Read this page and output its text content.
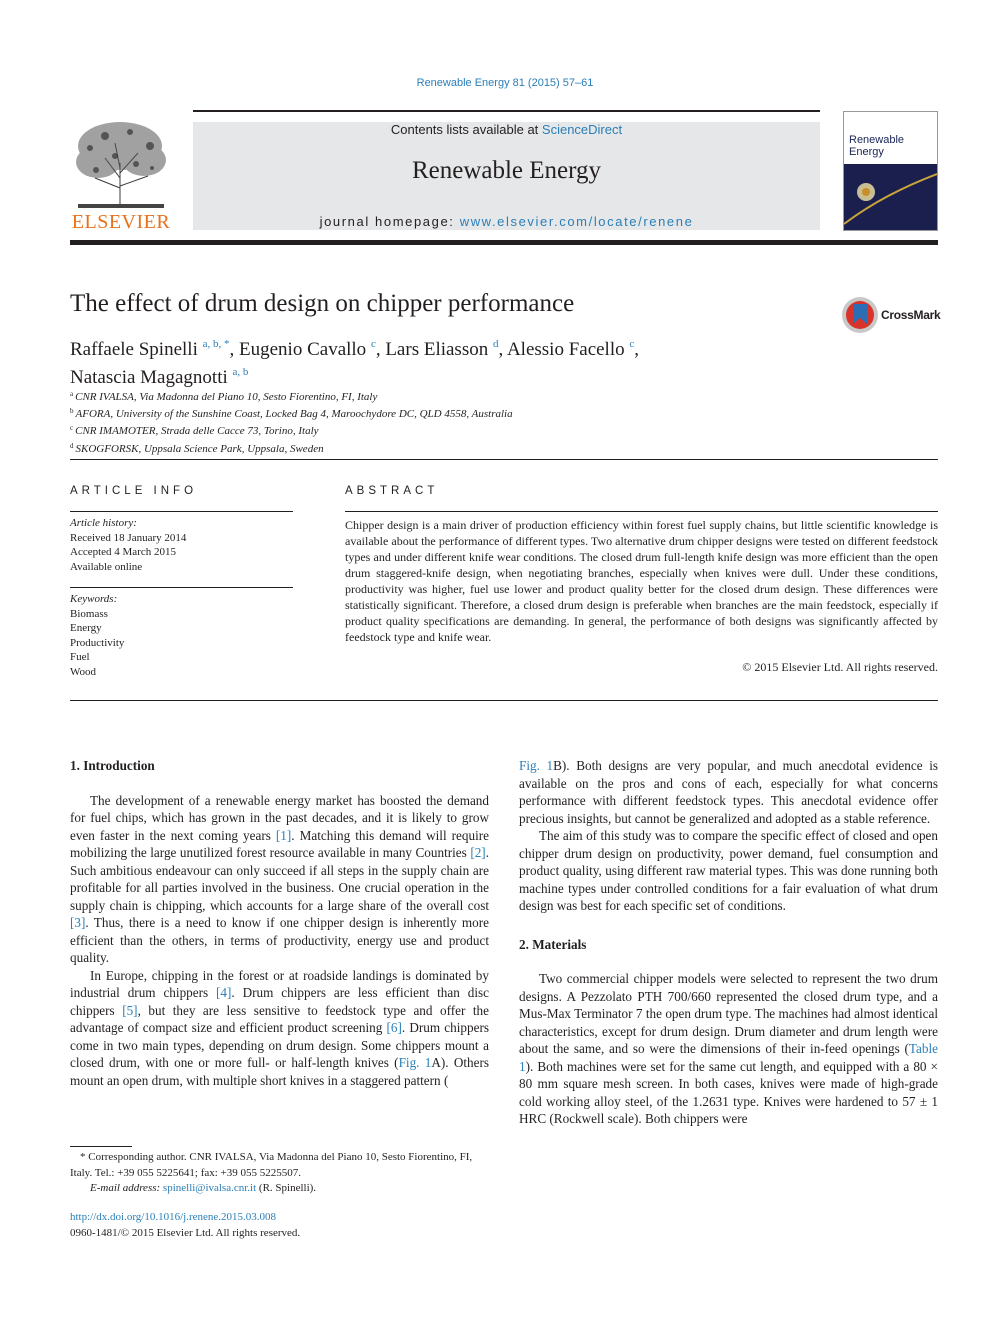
Renewable Energy 81 (2015) 57–61
ELSEVIER
Contents lists available at ScienceDirect
Renewable Energy
journal homepage: www.elsevier.com/locate/renene
Renewable Energy
The effect of drum design on chipper performance	CrossMark
Raffaele Spinelli $^{a, b, *}$, Eugenio Cavallo $^c$, Lars Eliasson $^d$, Alessio Facello $^c$,
Natascia Magagnotti $^{a, b}$
$^a$ CNR IVALSA, Via Madonna del Piano 10, Sesto Fiorentino, FI, Italy
$^b$ AFORA, University of the Sunshine Coast, Locked Bag 4, Maroochydore DC, QLD 4558, Australia
$^c$ CNR IMAMOTER, Strada delle Cacce 73, Torino, Italy
$^d$ SKOGFORSK, Uppsala Science Park, Uppsala, Sweden
ARTICLE INFO	ABSTRACT
Article history:
Received 18 January 2014
Accepted 4 March 2015
Available online
Keywords:
Biomass
Energy
Productivity
Fuel
Wood
Chipper design is a main driver of production efficiency within forest fuel supply chains, but little scientific knowledge is available about the performance of different types. Two alternative drum chipper designs were tested on different feedstock types and under different knife wear conditions. The closed drum full-length knife design was more efficient than the open drum staggered-knife design, when negotiating branches, especially when knives were dull. Under these conditions, productivity was higher, fuel use lower and product quality better for the closed drum design. These differences were statistically significant. Therefore, a closed drum design is preferable when branches are the main feedstock, especially if product quality specifications are demanding. In general, the performance of both designs was significantly affected by feedstock type and knife wear.
© 2015 Elsevier Ltd. All rights reserved.
1. Introduction

The development of a renewable energy market has boosted the demand for fuel chips, which has grown in the past decades, and it is likely to grow even faster in the next coming years [1]. Matching this demand will require mobilizing the large unutilized forest resource available in many Countries [2]. Such ambitious endeavour can only succeed if all steps in the supply chain are profitable for all parties involved in the business. One crucial operation in the supply chain is chipping, which accounts for a large share of the overall cost [3]. Thus, there is a need to know if one chipper design is inherently more efficient than the others, in terms of productivity, energy use and product quality.

In Europe, chipping in the forest or at roadside landings is dominated by industrial drum chippers [4]. Drum chippers are less efficient than disc chippers [5], but they are less sensitive to feedstock type and offer the advantage of compact size and efficient product screening [6]. Drum chippers come in two main types, depending on drum design. Some chippers mount a closed drum, with one or more full- or half-length knives (Fig. 1A). Others mount an open drum, with multiple short knives in a staggered pattern (

Fig. 1B). Both designs are very popular, and much anecdotal evidence is available on the pros and cons of each, especially for what concerns performance with different feedstock types. This anecdotal evidence offer precious insights, but cannot be generalized and adopted as a stable reference.

The aim of this study was to compare the specific effect of closed and open chipper drum design on productivity, power demand, fuel consumption and product quality, using different raw material types. This was done running both machine types under controlled conditions for a fair evaluation of what drum design was best for each specific set of conditions.

2. Materials

Two commercial chipper models were selected to represent the two drum designs. A Pezzolato PTH 700/660 represented the closed drum type, and a Mus-Max Terminator 7 the open drum type. The machines had almost identical characteristics, except for drum design. Drum diameter and drum length were about the same, and so were the dimensions of their in-feed openings (Table 1). Both machines were set for the same cut length, and equipped with a 80 × 80 mm square mesh screen. In both cases, knives were made of high-grade cold working alloy steel, of the 1.2631 type. Knives were hardened to 57 ± 1 HRC (Rockwell scale). Both chippers were

* Corresponding author. CNR IVALSA, Via Madonna del Piano 10, Sesto Fiorentino, FI, Italy. Tel.: +39 055 5225641; fax: +39 055 5225507.
E-mail address: spinelli@ivalsa.cnr.it (R. Spinelli).
http://dx.doi.org/10.1016/j.renene.2015.03.008
0960-1481/© 2015 Elsevier Ltd. All rights reserved.
